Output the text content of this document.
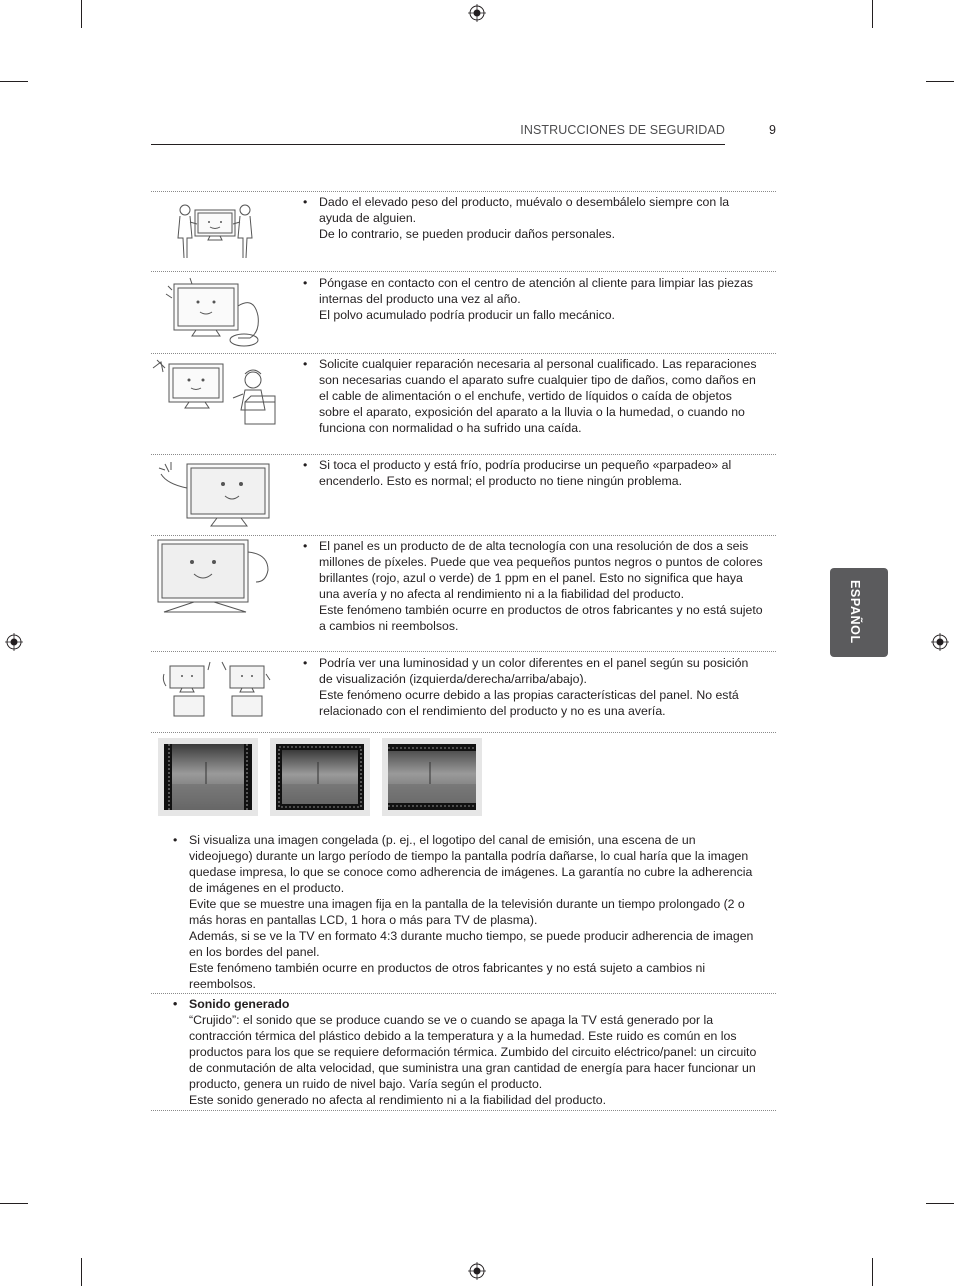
INSTRUCCIONES DE SEGURIDAD	9
ESPAÑOL
• Dado el elevado peso del producto, muévalo o desembálelo siempre con la ayuda de alguien.
De lo contrario, se pueden producir daños personales.
• Póngase en contacto con el centro de atención al cliente para limpiar las piezas internas del producto una vez al año.
El polvo acumulado podría producir un fallo mecánico.
• Solicite cualquier reparación necesaria al personal cualificado. Las reparaciones son necesarias cuando el aparato sufre cualquier tipo de daños, como daños en el cable de alimentación o el enchufe, vertido de líquidos o caída de objetos sobre el aparato, exposición del aparato a la lluvia o la humedad, o cuando no funciona con normalidad o ha sufrido una caída.
• Si toca el producto y está frío, podría producirse un pequeño «parpadeo» al encenderlo. Esto es normal; el producto no tiene ningún problema.
• El panel es un producto de de alta tecnología con una resolución de dos a seis millones de píxeles. Puede que vea pequeños puntos negros o puntos de colores brillantes (rojo, azul o verde) de 1 ppm en el panel. Esto no significa que haya una avería y no afecta al rendimiento ni a la fiabilidad del producto.
Este fenómeno también ocurre en productos de otros fabricantes y no está sujeto a cambios ni reembolsos.
• Podría ver una luminosidad y un color diferentes en el panel según su posición de visualización (izquierda/derecha/arriba/abajo).
Este fenómeno ocurre debido a las propias características del panel. No está relacionado con el rendimiento del producto y no es una avería.
• Si visualiza una imagen congelada (p. ej., el logotipo del canal de emisión, una escena de un videojuego) durante un largo período de tiempo la pantalla podría dañarse, lo cual haría que la imagen quedase impresa, lo que se conoce como adherencia de imágenes. La garantía no cubre la adherencia de imágenes en el producto.
Evite que se muestre una imagen fija en la pantalla de la televisión durante un tiempo prolongado (2 o más horas en pantallas LCD, 1 hora o más para TV de plasma).
Además, si se ve la TV en formato 4:3 durante mucho tiempo, se puede producir adherencia de imagen en los bordes del panel.
Este fenómeno también ocurre en productos de otros fabricantes y no está sujeto a cambios ni reembolsos.
• Sonido generado
“Crujido”: el sonido que se produce cuando se ve o cuando se apaga la TV está generado por la contracción térmica del plástico debido a la temperatura y a la humedad. Este ruido es común en los productos para los que se requiere deformación térmica. Zumbido del circuito eléctrico/panel: un circuito de conmutación de alta velocidad, que suministra una gran cantidad de energía para hacer funcionar un producto, genera un ruido de nivel bajo. Varía según el producto.
Este sonido generado no afecta al rendimiento ni a la fiabilidad del producto.
